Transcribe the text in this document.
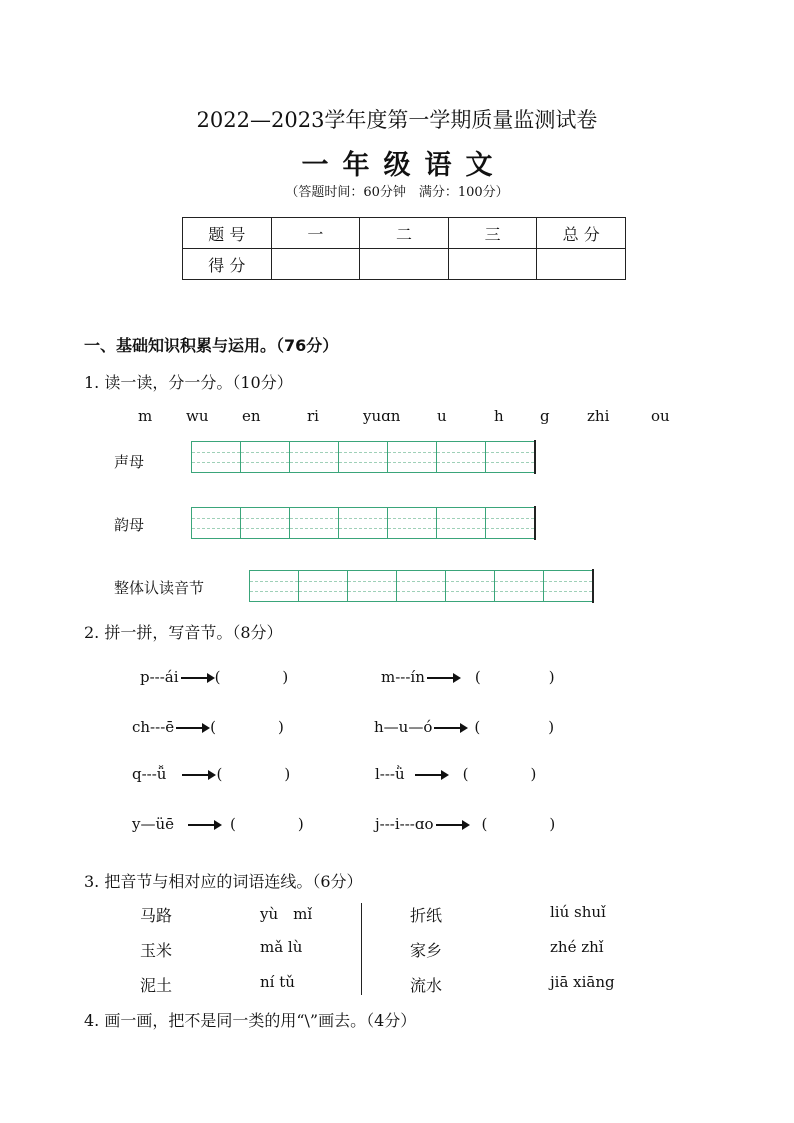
2022—2023学年度第一学期质量监测试卷
一年级语文
（答题时间：60分钟　满分：100分）
题 号	一	二	三	总 分
得 分				
一、基础知识积累与运用。（76分）
1. 读一读，分一分。（10分）
m wu en	ri	yuɑn u	h g zhi	ou
声母
韵母
整体认读音节
2. 拼一拼，写音节。（8分）
p---ái (	)	m---ín	(	)
ch---ē (	)	h—u—ó	(	)
q---ǚ	(	)	l---ǜ	(	)
y—üē	(	)	j---i---ɑo	(	)
3. 把音节与相对应的词语连线。（6分）
马路
玉米
泥土
yù　mǐ
mǎ lù
ní tǔ
折纸
家乡
流水
liú shuǐ
zhé zhǐ
jiā xiāng
4. 画一画，把不是同一类的用“\”画去。（4分）
